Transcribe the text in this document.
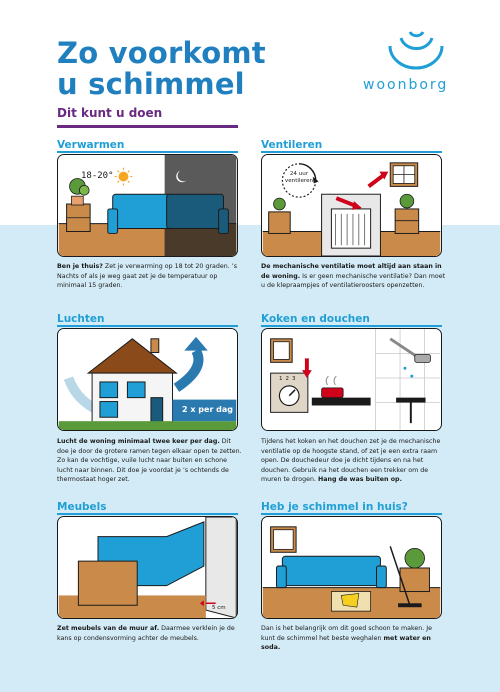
Zo voorkomt
u schimmel
Dit kunt u doen
woonborg
Verwarmen
18-20° 15°
Ben je thuis? Zet je verwarming op 18 tot 20 graden. ’s Nachts of als je weg gaat zet je de temperatuur op minimaal 15 graden.
Ventileren
24 uur
ventileren
De mechanische ventilatie moet altijd aan staan in de woning. Is er geen mechanische ventilatie? Dan moet u de klepraampjes of ventilatieroosters openzetten.
Luchten
2 x per dag
Lucht de woning minimaal twee keer per dag. Dit doe je door de grotere ramen tegen elkaar open te zetten. Zo kan de vochtige, vuile lucht naar buiten en schone lucht naar binnen. Dit doe je voordat je ’s ochtends de thermostaat hoger zet.
Koken en douchen
123
Tijdens het koken en het douchen zet je de mechanische ventilatie op de hoogste stand, of zet je een extra raam open. De douchedeur doe je dicht tijdens en na het douchen. Gebruik na het douchen een trekker om de muren te drogen. Hang de was buiten op.
Meubels
5 cm
Zet meubels van de muur af. Daarmee verklein je de kans op condensvorming achter de meubels.
Heb je schimmel in huis?
Dan is het belangrijk om dit goed schoon te maken. Je kunt de schimmel het beste weghalen met water en soda.
